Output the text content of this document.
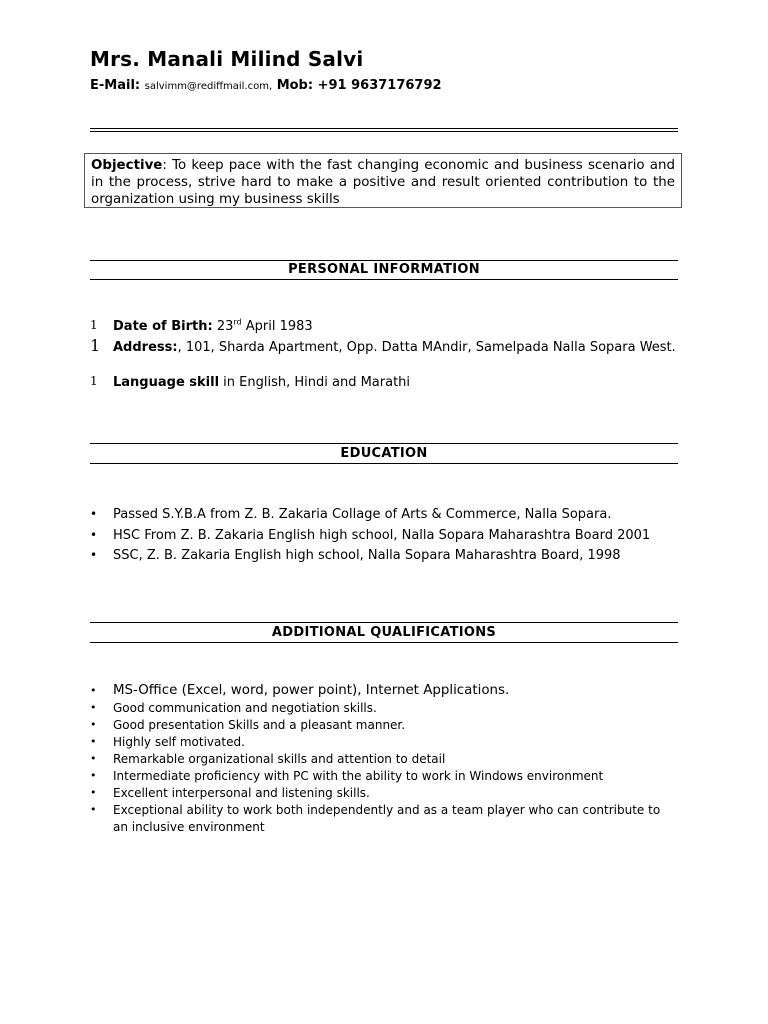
Mrs. Manali Milind Salvi
E-Mail: salvimm@rediffmail.com, Mob: +91 9637176792
Objective: To keep pace with the fast changing economic and business scenario and in the process, strive hard to make a positive and result oriented contribution to the organization using my business skills
PERSONAL INFORMATION
1 Date of Birth: 23rd April 1983
1 Address:, 101, Sharda Apartment, Opp. Datta MAndir, Samelpada Nalla Sopara West.
1 Language skill in English, Hindi and Marathi
EDUCATION
• Passed S.Y.B.A from Z. B. Zakaria Collage of Arts & Commerce, Nalla Sopara.
• HSC From Z. B. Zakaria English high school, Nalla Sopara Maharashtra Board 2001
• SSC, Z. B. Zakaria English high school, Nalla Sopara Maharashtra Board, 1998
ADDITIONAL QUALIFICATIONS
• MS-Office (Excel, word, power point), Internet Applications.
• Good communication and negotiation skills.
• Good presentation Skills and a pleasant manner.
• Highly self motivated.
• Remarkable organizational skills and attention to detail
• Intermediate proficiency with PC with the ability to work in Windows environment
• Excellent interpersonal and listening skills.
• Exceptional ability to work both independently and as a team player who can contribute to an inclusive environment
